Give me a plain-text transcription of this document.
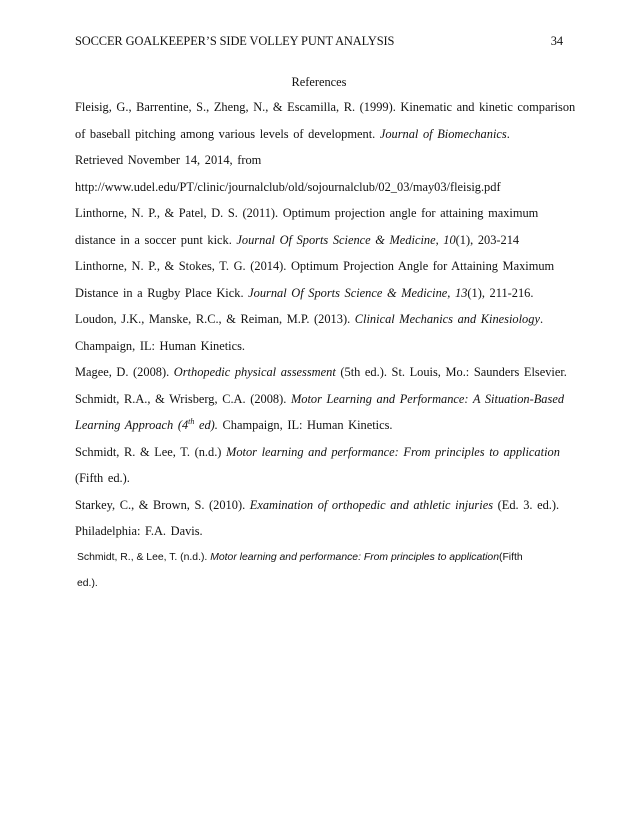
SOCCER GOALKEEPER’S SIDE VOLLEY PUNT ANALYSIS	34
References

Fleisig, G., Barrentine, S., Zheng, N., & Escamilla, R. (1999). Kinematic and kinetic comparison
of baseball pitching among various levels of development. Journal of Biomechanics.
Retrieved November 14, 2014, from
http://www.udel.edu/PT/clinic/journalclub/old/sojournalclub/02_03/may03/fleisig.pdf

Linthorne, N. P., & Patel, D. S. (2011). Optimum projection angle for attaining maximum
distance in a soccer punt kick. Journal Of Sports Science & Medicine, 10(1), 203-214

Linthorne, N. P., & Stokes, T. G. (2014). Optimum Projection Angle for Attaining Maximum
Distance in a Rugby Place Kick. Journal Of Sports Science & Medicine, 13(1), 211-216.

Loudon, J.K., Manske, R.C., & Reiman, M.P. (2013). Clinical Mechanics and Kinesiology.
Champaign, IL: Human Kinetics.

Magee, D. (2008). Orthopedic physical assessment (5th ed.). St. Louis, Mo.: Saunders Elsevier.

Schmidt, R.A., & Wrisberg, C.A. (2008). Motor Learning and Performance: A Situation-Based
Learning Approach (4th ed). Champaign, IL: Human Kinetics.

Schmidt, R. & Lee, T. (n.d.) Motor learning and performance: From principles to application
(Fifth ed.).

Starkey, C., & Brown, S. (2010). Examination of orthopedic and athletic injuries (Ed. 3. ed.).
Philadelphia: F.A. Davis.

Schmidt, R., & Lee, T. (n.d.). Motor learning and performance: From principles to application(Fifth

ed.).
